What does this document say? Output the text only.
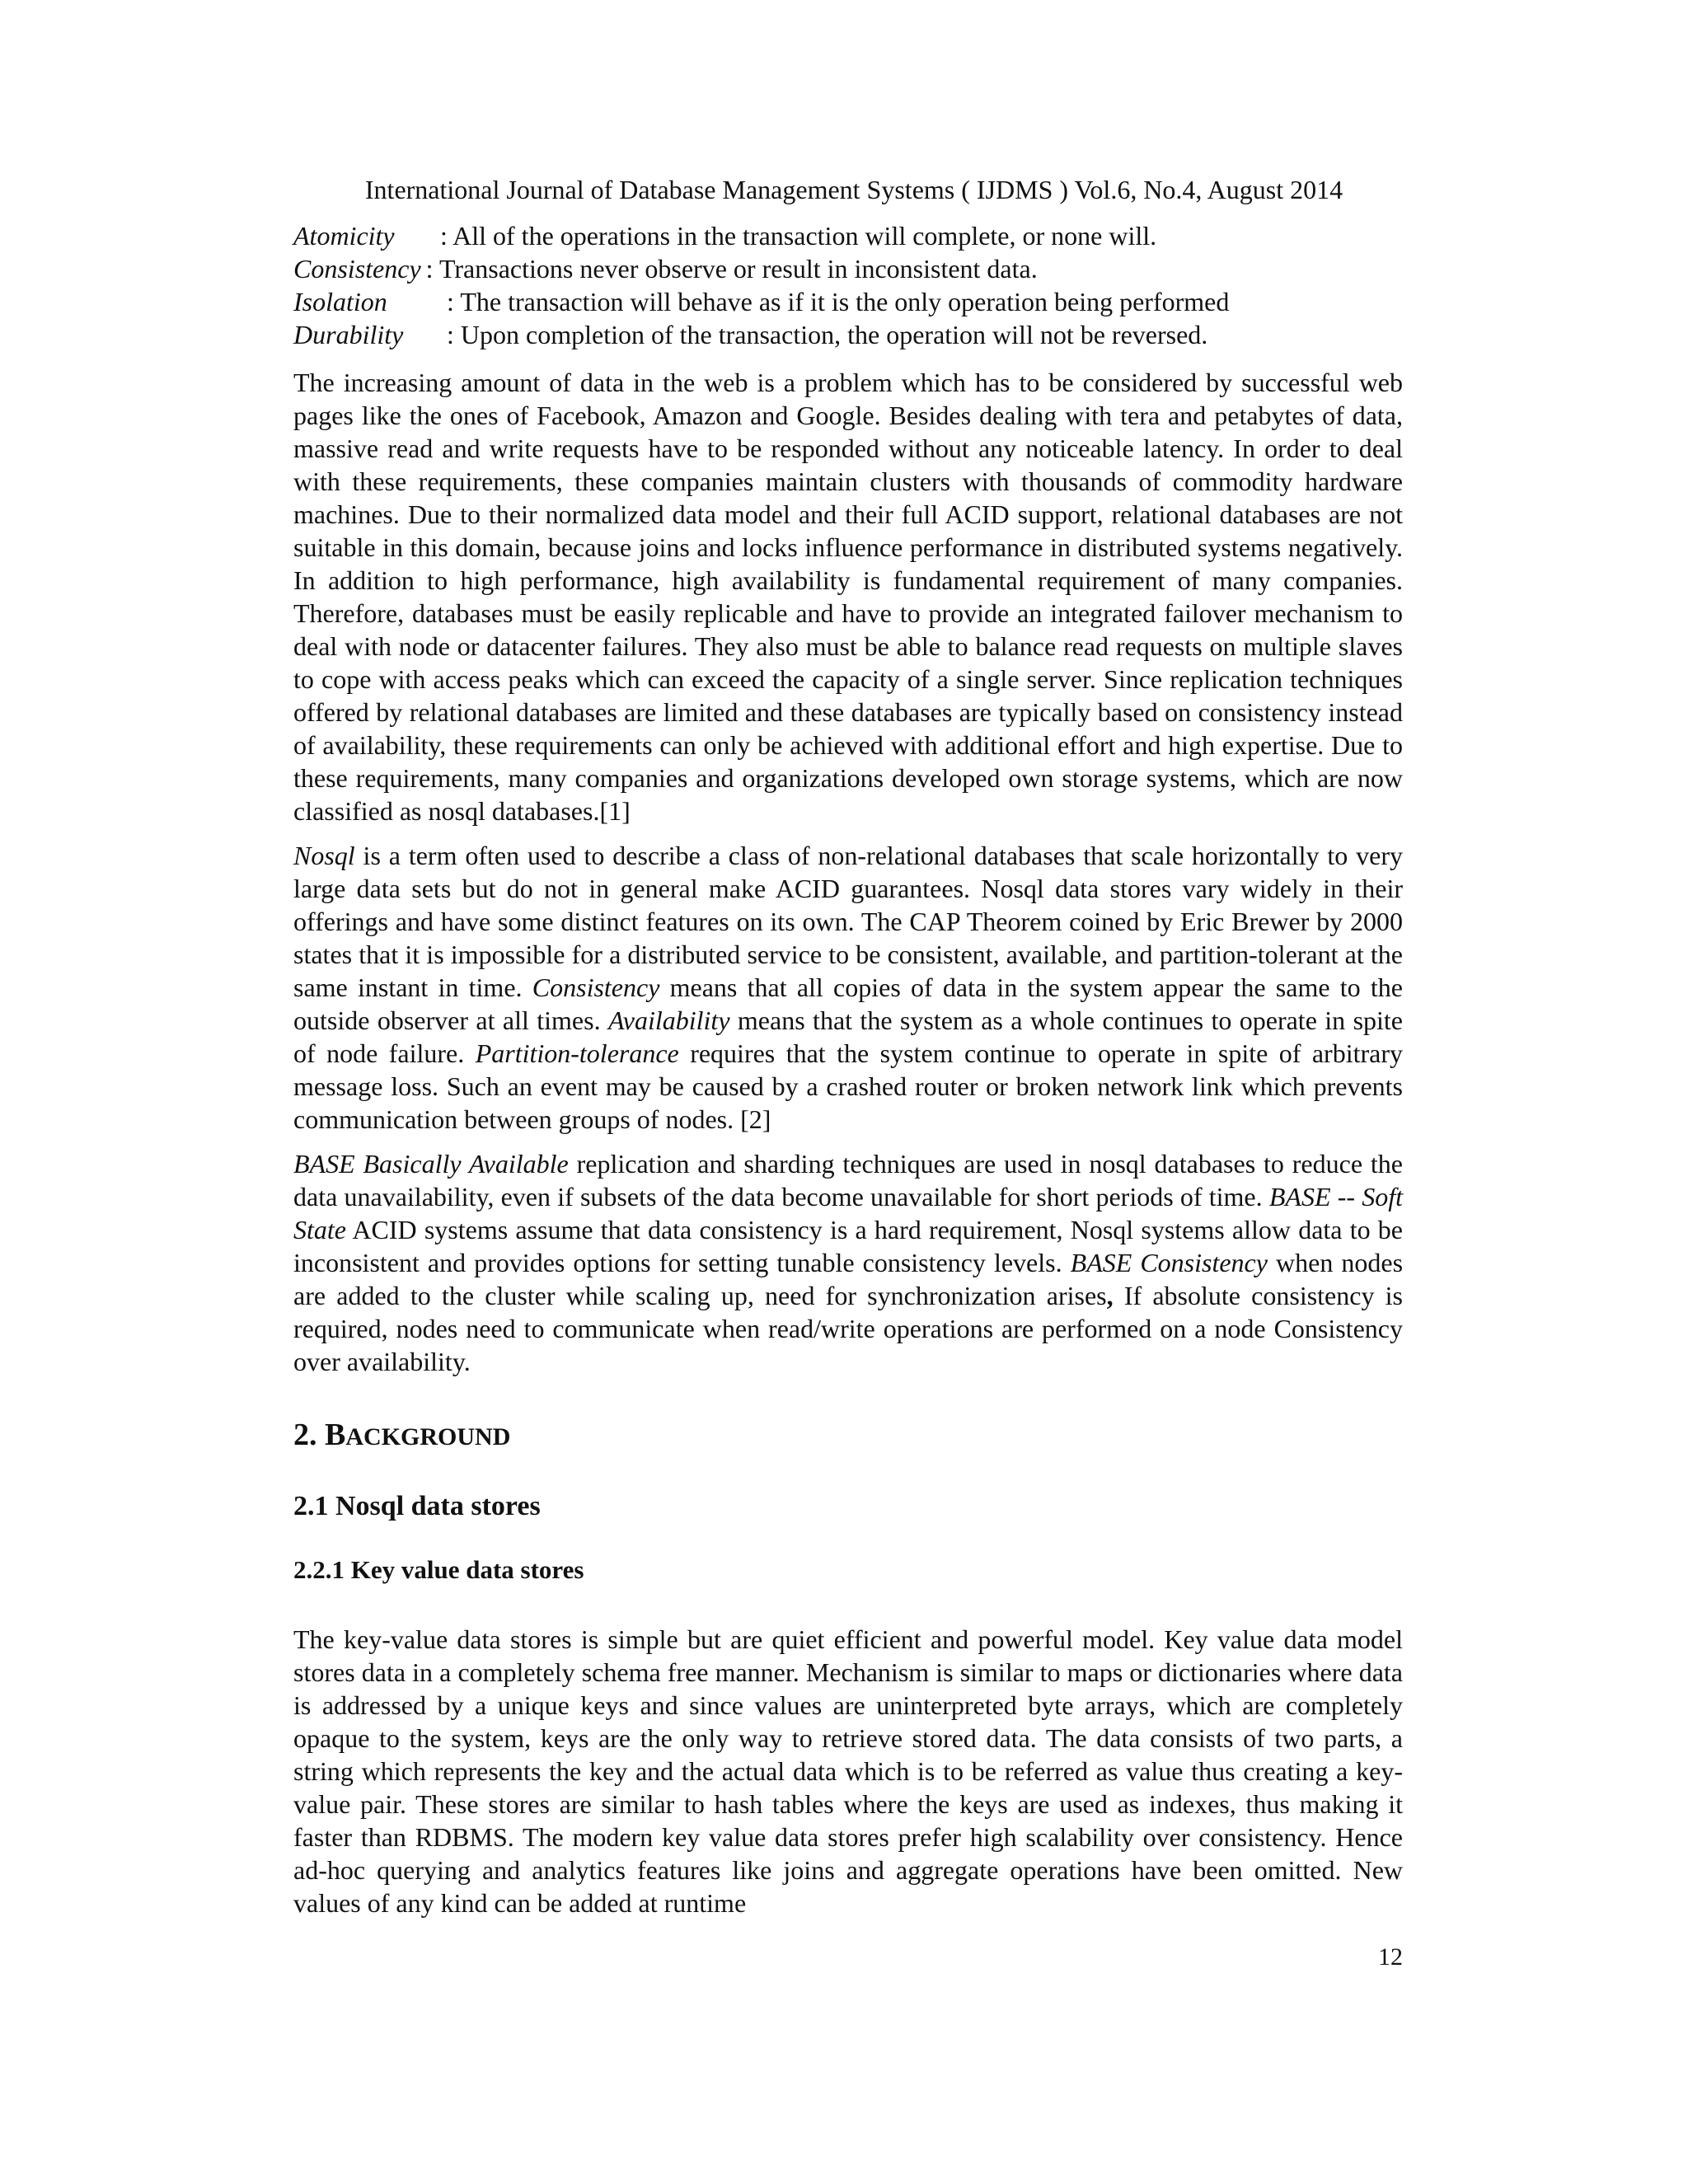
International Journal of Database Management Systems ( IJDMS ) Vol.6, No.4, August 2014
Atomicity	: All of the operations in the transaction will complete, or none will.
Consistency : Transactions never observe or result in inconsistent data.
Isolation	: The transaction will behave as if it is the only operation being performed
Durability	: Upon completion of the transaction, the operation will not be reversed.

The increasing amount of data in the web is a problem which has to be considered by successful web pages like the ones of Facebook, Amazon and Google. Besides dealing with tera and petabytes of data, massive read and write requests have to be responded without any noticeable latency. In order to deal with these requirements, these companies maintain clusters with thousands of commodity hardware machines. Due to their normalized data model and their full ACID support, relational databases are not suitable in this domain, because joins and locks influence performance in distributed systems negatively. In addition to high performance, high availability is fundamental requirement of many companies. Therefore, databases must be easily replicable and have to provide an integrated failover mechanism to deal with node or datacenter failures. They also must be able to balance read requests on multiple slaves to cope with access peaks which can exceed the capacity of a single server. Since replication techniques offered by relational databases are limited and these databases are typically based on consistency instead of availability, these requirements can only be achieved with additional effort and high expertise. Due to these requirements, many companies and organizations developed own storage systems, which are now classified as nosql databases.[1]

Nosql is a term often used to describe a class of non-relational databases that scale horizontally to very large data sets but do not in general make ACID guarantees. Nosql data stores vary widely in their offerings and have some distinct features on its own. The CAP Theorem coined by Eric Brewer by 2000 states that it is impossible for a distributed service to be consistent, available, and partition-tolerant at the same instant in time. Consistency means that all copies of data in the system appear the same to the outside observer at all times. Availability means that the system as a whole continues to operate in spite of node failure. Partition-tolerance requires that the system continue to operate in spite of arbitrary message loss. Such an event may be caused by a crashed router or broken network link which prevents communication between groups of nodes. [2]

BASE Basically Available replication and sharding techniques are used in nosql databases to reduce the data unavailability, even if subsets of the data become unavailable for short periods of time. BASE -- Soft State ACID systems assume that data consistency is a hard requirement, Nosql systems allow data to be inconsistent and provides options for setting tunable consistency levels. BASE Consistency when nodes are added to the cluster while scaling up, need for synchronization arises, If absolute consistency is required, nodes need to communicate when read/write operations are performed on a node Consistency over availability.

2. BACKGROUND
2.1 Nosql data stores
2.2.1 Key value data stores

The key-value data stores is simple but are quiet efficient and powerful model. Key value data model stores data in a completely schema free manner. Mechanism is similar to maps or dictionaries where data is addressed by a unique keys and since values are uninterpreted byte arrays, which are completely opaque to the system, keys are the only way to retrieve stored data. The data consists of two parts, a string which represents the key and the actual data which is to be referred as value thus creating a key-value pair. These stores are similar to hash tables where the keys are used as indexes, thus making it faster than RDBMS. The modern key value data stores prefer high scalability over consistency. Hence ad-hoc querying and analytics features like joins and aggregate operations have been omitted. New values of any kind can be added at runtime

12
